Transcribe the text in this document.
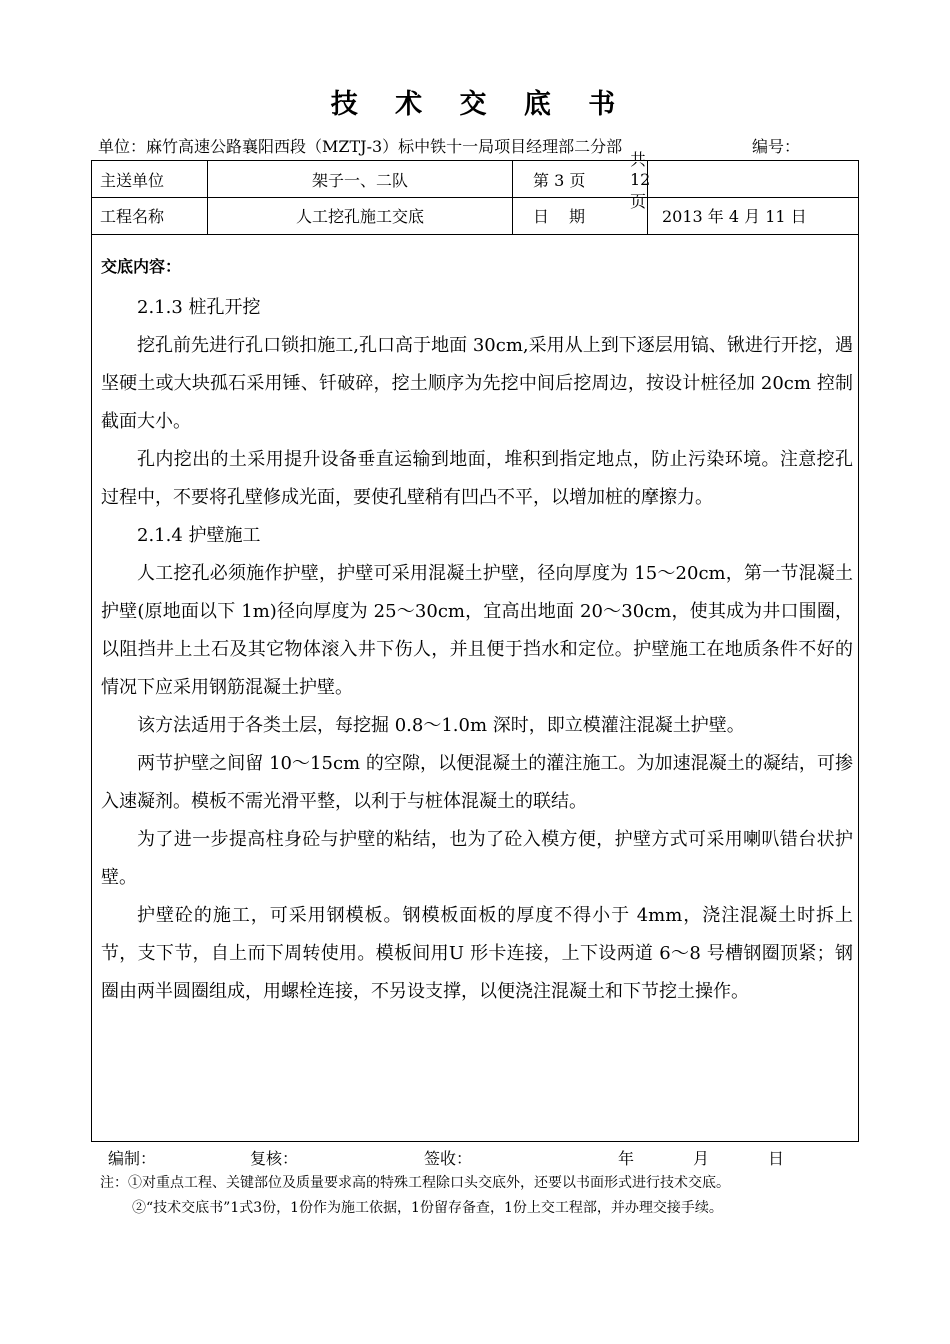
技 术 交 底 书
单位：麻竹高速公路襄阳西段（MZTJ-3）标中铁十一局项目经理部二分部	编号：
主送单位	架子一、二队	第 3 页
共 12 页
工程名称	人工挖孔施工交底	日期	2013 年 4 月 11 日
交底内容：

2.1.3 桩孔开挖

挖孔前先进行孔口锁扣施工,孔口高于地面 30cm,采用从上到下逐层用镐、锹进行开挖，遇坚硬土或大块孤石采用锤、钎破碎，挖土顺序为先挖中间后挖周边，按设计桩径加 20cm 控制截面大小。

孔内挖出的土采用提升设备垂直运输到地面，堆积到指定地点，防止污染环境。注意挖孔过程中，不要将孔壁修成光面，要使孔壁稍有凹凸不平，以增加桩的摩擦力。

2.1.4 护壁施工

人工挖孔必须施作护壁，护壁可采用混凝土护壁，径向厚度为 15～20cm，第一节混凝土护壁(原地面以下 1m)径向厚度为 25～30cm，宜高出地面 20～30cm，使其成为井口围圈，以阻挡井上土石及其它物体滚入井下伤人，并且便于挡水和定位。护壁施工在地质条件不好的情况下应采用钢筋混凝土护壁。

该方法适用于各类土层，每挖掘 0.8～1.0m 深时，即立模灌注混凝土护壁。

两节护壁之间留 10～15cm 的空隙，以便混凝土的灌注施工。为加速混凝土的凝结，可掺入速凝剂。模板不需光滑平整，以利于与桩体混凝土的联结。

为了进一步提高柱身砼与护壁的粘结，也为了砼入模方便，护壁方式可采用喇叭错台状护壁。

护壁砼的施工，可采用钢模板。钢模板面板的厚度不得小于 4mm，浇注混凝土时拆上节，支下节，自上而下周转使用。模板间用U 形卡连接，上下设两道 6～8 号槽钢圈顶紧；钢圈由两半圆圈组成，用螺栓连接，不另设支撑，以便浇注混凝土和下节挖土操作。

编制：	复核：	签收：	年	月	日
注：①对重点工程、关键部位及质量要求高的特殊工程除口头交底外，还要以书面形式进行技术交底。
②“技术交底书”1式3份，1份作为施工依据，1份留存备查，1份上交工程部，并办理交接手续。
